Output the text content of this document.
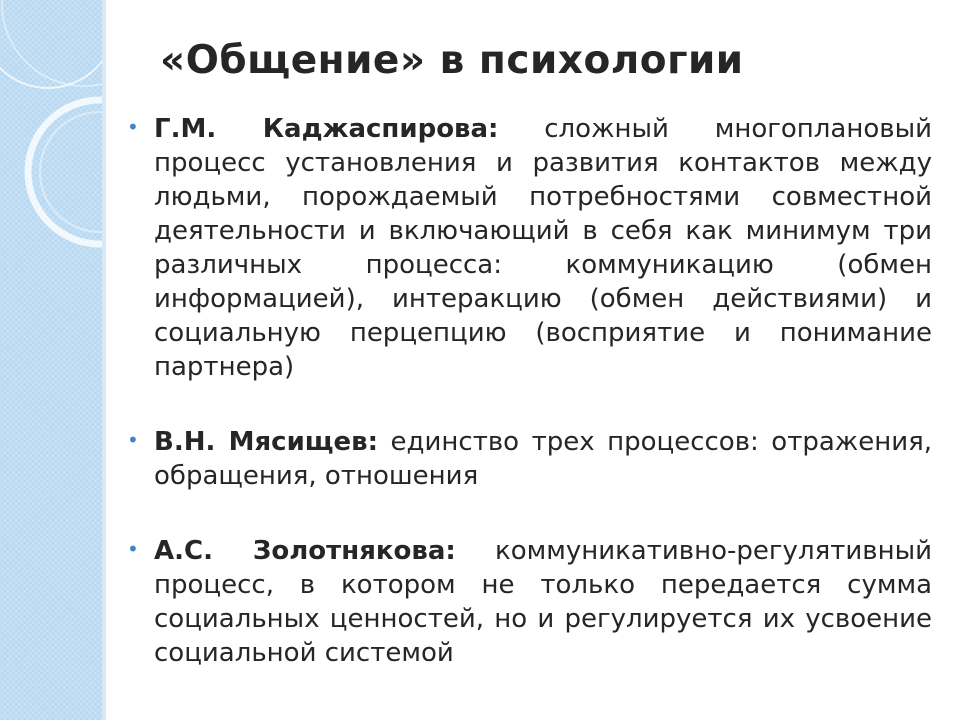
«Общение» в психологии
• Г.М. Каджаспирова: сложный многоплановый процесс установления и развития контактов между людьми, порождаемый потребностями совместной деятельности и включающий в себя как минимум три различных процесса: коммуникацию (обмен информацией), интеракцию (обмен действиями) и социальную перцепцию (восприятие и понимание партнера)
• В.Н. Мясищев: единство трех процессов: отражения, обращения, отношения
• А.С. Золотнякова: коммуникативно-регулятивный процесс, в котором не только передается сумма социальных ценностей, но и регулируется их усвоение социальной системой
